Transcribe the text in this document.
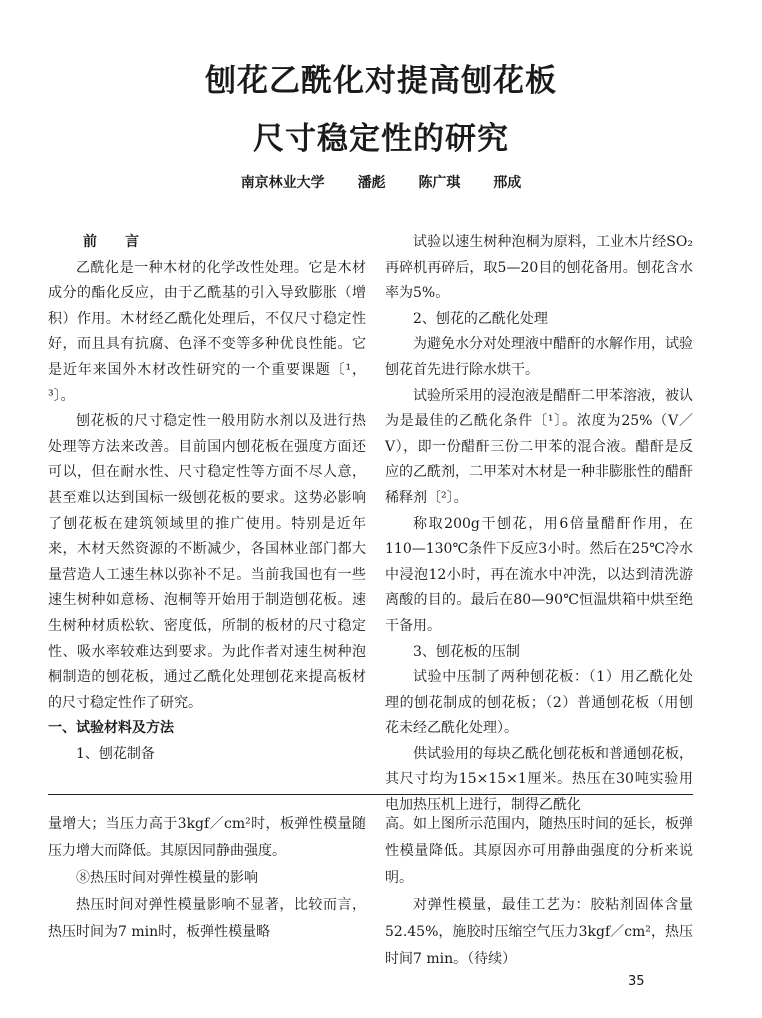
刨花乙酰化对提高刨花板
尺寸稳定性的研究
南京林业大学 潘彪 陈广琪 邢成

前　　言

乙酰化是一种木材的化学改性处理。它是木材成分的酯化反应，由于乙酰基的引入导致膨胀（增积）作用。木材经乙酰化处理后，不仅尺寸稳定性好，而且具有抗腐、色泽不变等多种优良性能。它是近年来国外木材改性研究的一个重要课题〔¹，³〕。

刨花板的尺寸稳定性一般用防水剂以及进行热处理等方法来改善。目前国内刨花板在强度方面还可以，但在耐水性、尺寸稳定性等方面不尽人意，甚至难以达到国标一级刨花板的要求。这势必影响了刨花板在建筑领域里的推广使用。特别是近年来，木材天然资源的不断减少，各国林业部门都大量营造人工速生林以弥补不足。当前我国也有一些速生树种如意杨、泡桐等开始用于制造刨花板。速生树种材质松软、密度低，所制的板材的尺寸稳定性、吸水率较难达到要求。为此作者对速生树种泡桐制造的刨花板，通过乙酰化处理刨花来提高板材的尺寸稳定性作了研究。

一、试验材料及方法

1、刨花制备

试验以速生树种泡桐为原料，工业木片经SO₂再碎机再碎后，取5—20目的刨花备用。刨花含水率为5%。

2、刨花的乙酰化处理

为避免水分对处理液中醋酐的水解作用，试验刨花首先进行除水烘干。

试验所采用的浸泡液是醋酐二甲苯溶液，被认为是最佳的乙酰化条件〔¹〕。浓度为25%（V／V），即一份醋酐三份二甲苯的混合液。醋酐是反应的乙酰剂，二甲苯对木材是一种非膨胀性的醋酐稀释剂〔²〕。

称取200g干刨花，用6倍量醋酐作用，在110—130℃条件下反应3小时。然后在25℃冷水中浸泡12小时，再在流水中冲洗，以达到清洗游离酸的目的。最后在80—90℃恒温烘箱中烘至绝干备用。

3、刨花板的压制

试验中压制了两种刨花板：（1）用乙酰化处理的刨花制成的刨花板；（2）普通刨花板（用刨花未经乙酰化处理）。

供试验用的每块乙酰化刨花板和普通刨花板，其尺寸均为15×15×1厘米。热压在30吨实验用电加热压机上进行，制得乙酰化

量增大；当压力高于3kgf／cm²时，板弹性模量随压力增大而降低。其原因同静曲强度。

⑧热压时间对弹性模量的影响

热压时间对弹性模量影响不显著，比较而言，热压时间为7 min时，板弹性模量略

高。如上图所示范围内，随热压时间的延长，板弹性模量降低。其原因亦可用静曲强度的分析来说明。

对弹性模量，最佳工艺为：胶粘剂固体含量52.45%，施胶时压缩空气压力3kgf／cm²，热压时间7 min。（待续）

35
